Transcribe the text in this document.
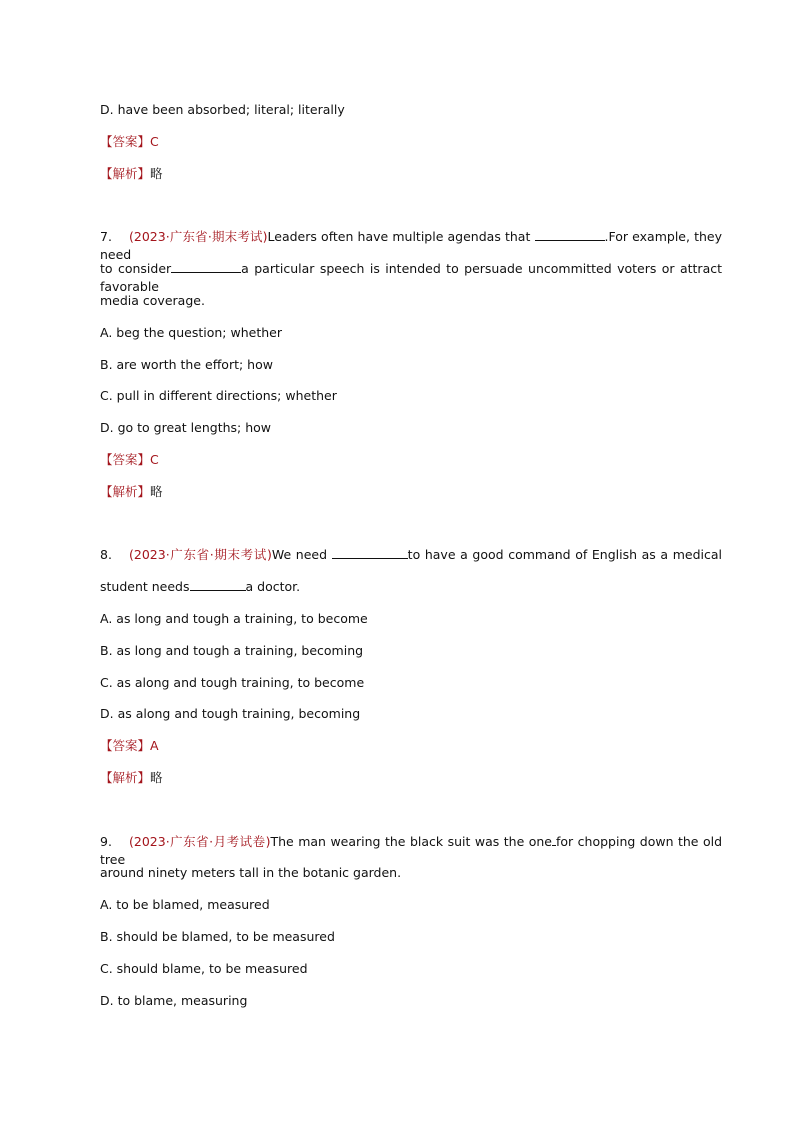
D. have been absorbed; literal; literally
【答案】C
【解析】略
7. (2023·广东省·期末考试)Leaders often have multiple agendas that	.For example, they need
to consider	a particular speech is intended to persuade uncommitted voters or attract favorable
media coverage.
A. beg the question; whether
B. are worth the effort; how
C. pull in different directions; whether
D. go to great lengths; how
【答案】C
【解析】略
8. (2023·广东省·期末考试)We need	to have a good command of English as a medical
student needs	a doctor.
A. as long and tough a training, to become
B. as long and tough a training, becoming
C. as along and tough training, to become
D. as along and tough training, becoming
【答案】A
【解析】略
9. (2023·广东省·月考试卷)The man wearing the black suit was the one for chopping down the old tree
around ninety meters tall in the botanic garden.
A. to be blamed, measured
B. should be blamed, to be measured
C. should blame, to be measured
D. to blame, measuring
